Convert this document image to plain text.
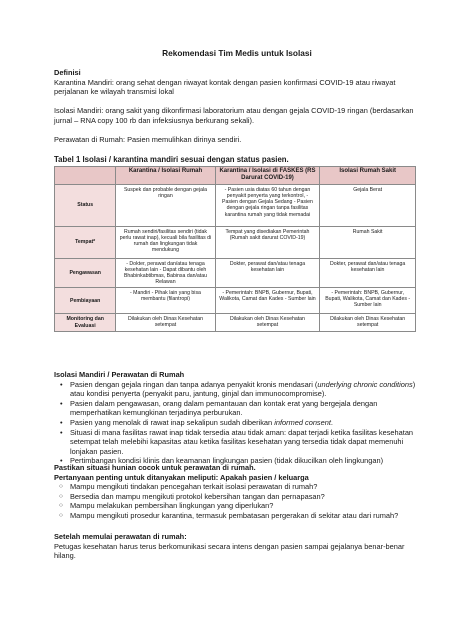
Rekomendasi Tim Medis untuk Isolasi

Definisi

Karantina Mandiri: orang sehat dengan riwayat kontak dengan pasien konfirmasi COVID-19 atau riwayat perjalanan ke wilayah transmisi lokal

Isolasi Mandiri: orang sakit yang dikonfirmasi laboratorium atau dengan gejala COVID-19 ringan (berdasarkan jurnal – RNA copy 100 rb dan infeksiusnya berkurang sekali).

Perawatan di Rumah: Pasien memulihkan dirinya sendiri.

Tabel 1 Isolasi / karantina mandiri sesuai dengan status pasien.

	Karantina / Isolasi Rumah	Karantina / Isolasi di FASKES (RS Darurat COVID-19)	Isolasi Rumah Sakit
Status	Suspek dan probable dengan gejala ringan	- Pasien usia diatas 60 tahun dengan penyakit penyerta yang terkontrol, - Pasien dengan Gejala Sedang - Pasien dengan gejala ringan tanpa fasilitas karantina rumah yang tidak memadai	Gejala Berat
Tempat*	Rumah sendiri/fasilitas sendiri (tidak perlu rawat inap), kecuali bila fasilitas di rumah dan lingkungan tidak mendukung	Tempat yang disediakan Pemerintah (Rumah sakit darurat COVID-19)	Rumah Sakit
Pengawasan	- Dokter, perawat dan/atau tenaga kesehatan lain - Dapat dibantu oleh Bhabinkabtibmas, Babinsa dan/atau Relawan	Dokter, perawat dan/atau tenaga kesehatan lain	Dokter, perawat dan/atau tenaga kesehatan lain
Pembiayaan	- Mandiri - Pihak lain yang bisa membantu (filantropi)	- Pemerintah: BNPB, Gubernur, Bupati, Walikota, Camat dan Kades - Sumber lain	- Pemerintah: BNPB, Gubernur, Bupati, Walikota, Camat dan Kades - Sumber lain
Monitoring dan Evaluasi	Dilakukan oleh Dinas Kesehatan setempat	Dilakukan oleh Dinas Kesehatan setempat	Dilakukan oleh Dinas Kesehatan setempat

Isolasi Mandiri / Perawatan di Rumah

• Pasien dengan gejala ringan dan tanpa adanya penyakit kronis mendasari (underlying chronic conditions) atau kondisi penyerta (penyakit paru, jantung, ginjal dan immunocompromise).
• Pasien dalam pengawasan, orang dalam pemantauan dan kontak erat yang bergejala dengan memperhatikan kemungkinan terjadinya perburukan.
• Pasien yang menolak di rawat inap sekalipun sudah diberikan informed consent.
• Situasi di mana fasilitas rawat inap tidak tersedia atau tidak aman: dapat terjadi ketika fasilitas kesehatan setempat telah melebihi kapasitas atau ketika fasilitas kesehatan yang tersedia tidak dapat memenuhi lonjakan pasien.
• Pertimbangan kondisi klinis dan keamanan lingkungan pasien (tidak dikucilkan oleh lingkungan)

Pastikan situasi hunian cocok untuk perawatan di rumah.

Pertanyaan penting untuk ditanyakan meliputi: Apakah pasien / keluarga

○ Mampu mengikuti tindakan pencegahan terkait isolasi perawatan di rumah?
○ Bersedia dan mampu mengikuti protokol kebersihan tangan dan pernapasan?
○ Mampu melakukan pembersihan lingkungan yang diperlukan?
○ Mampu mengikuti prosedur karantina, termasuk pembatasan pergerakan di sekitar atau dari rumah?

Setelah memulai perawatan di rumah:

Petugas kesehatan harus terus berkomunikasi secara intens dengan pasien sampai gejalanya benar-benar hilang.
